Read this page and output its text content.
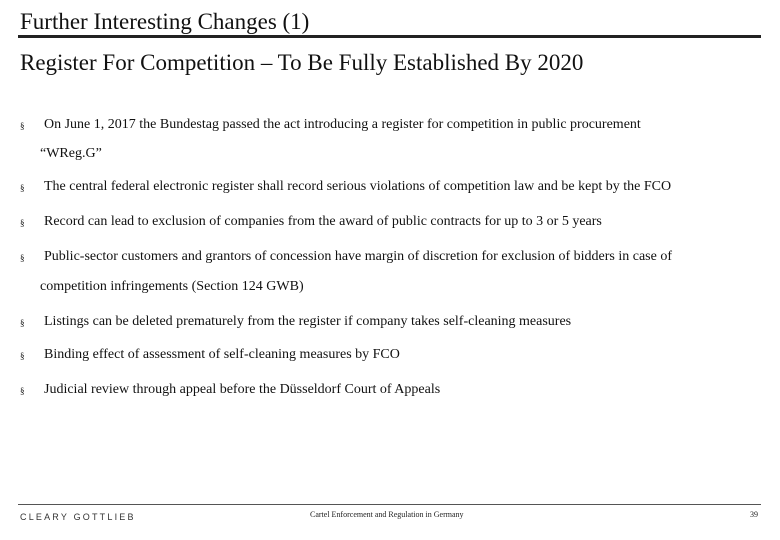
Further Interesting Changes (1)
Register For Competition – To Be Fully Established By 2020
§ On June 1, 2017 the Bundestag passed the act introducing a register for competition in public procurement
“WReg.G”
§ The central federal electronic register shall record serious violations of competition law and be kept by the FCO
§ Record can lead to exclusion of companies from the award of public contracts for up to 3 or 5 years
§ Public-sector customers and grantors of concession have margin of discretion for exclusion of bidders in case of
competition infringements (Section 124 GWB)
§ Listings can be deleted prematurely from the register if company takes self-cleaning measures
§ Binding effect of assessment of self-cleaning measures by FCO
§ Judicial review through appeal before the Düsseldorf Court of Appeals
CLEARY GOTTLIEB	Cartel Enforcement and Regulation in Germany	39
